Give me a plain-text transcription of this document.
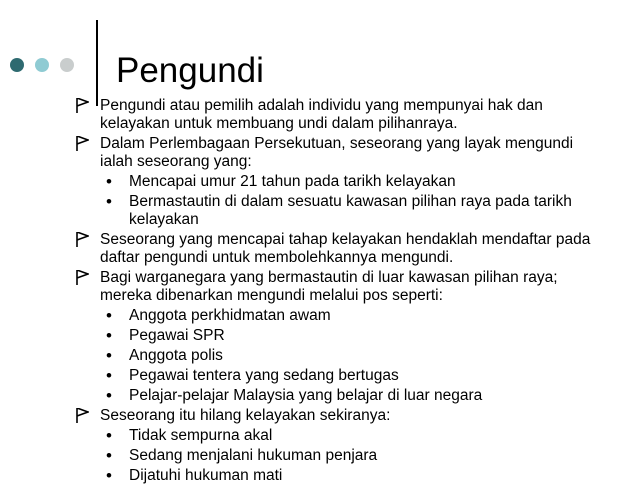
Pengundi
Pengundi atau pemilih adalah individu yang mempunyai hak dan kelayakan untuk membuang undi dalam pilihanraya.
Dalam Perlembagaan Persekutuan, seseorang yang layak mengundi ialah seseorang yang:
• Mencapai umur 21 tahun pada tarikh kelayakan
• Bermastautin di dalam sesuatu kawasan pilihan raya pada tarikh kelayakan
Seseorang yang mencapai tahap kelayakan hendaklah mendaftar pada daftar pengundi untuk membolehkannya mengundi.
Bagi warganegara yang bermastautin di luar kawasan pilihan raya; mereka dibenarkan mengundi melalui pos seperti:
• Anggota perkhidmatan awam
• Pegawai SPR
• Anggota polis
• Pegawai tentera yang sedang bertugas
• Pelajar-pelajar Malaysia yang belajar di luar negara
Seseorang itu hilang kelayakan sekiranya:
• Tidak sempurna akal
• Sedang menjalani hukuman penjara
• Dijatuhi hukuman mati
